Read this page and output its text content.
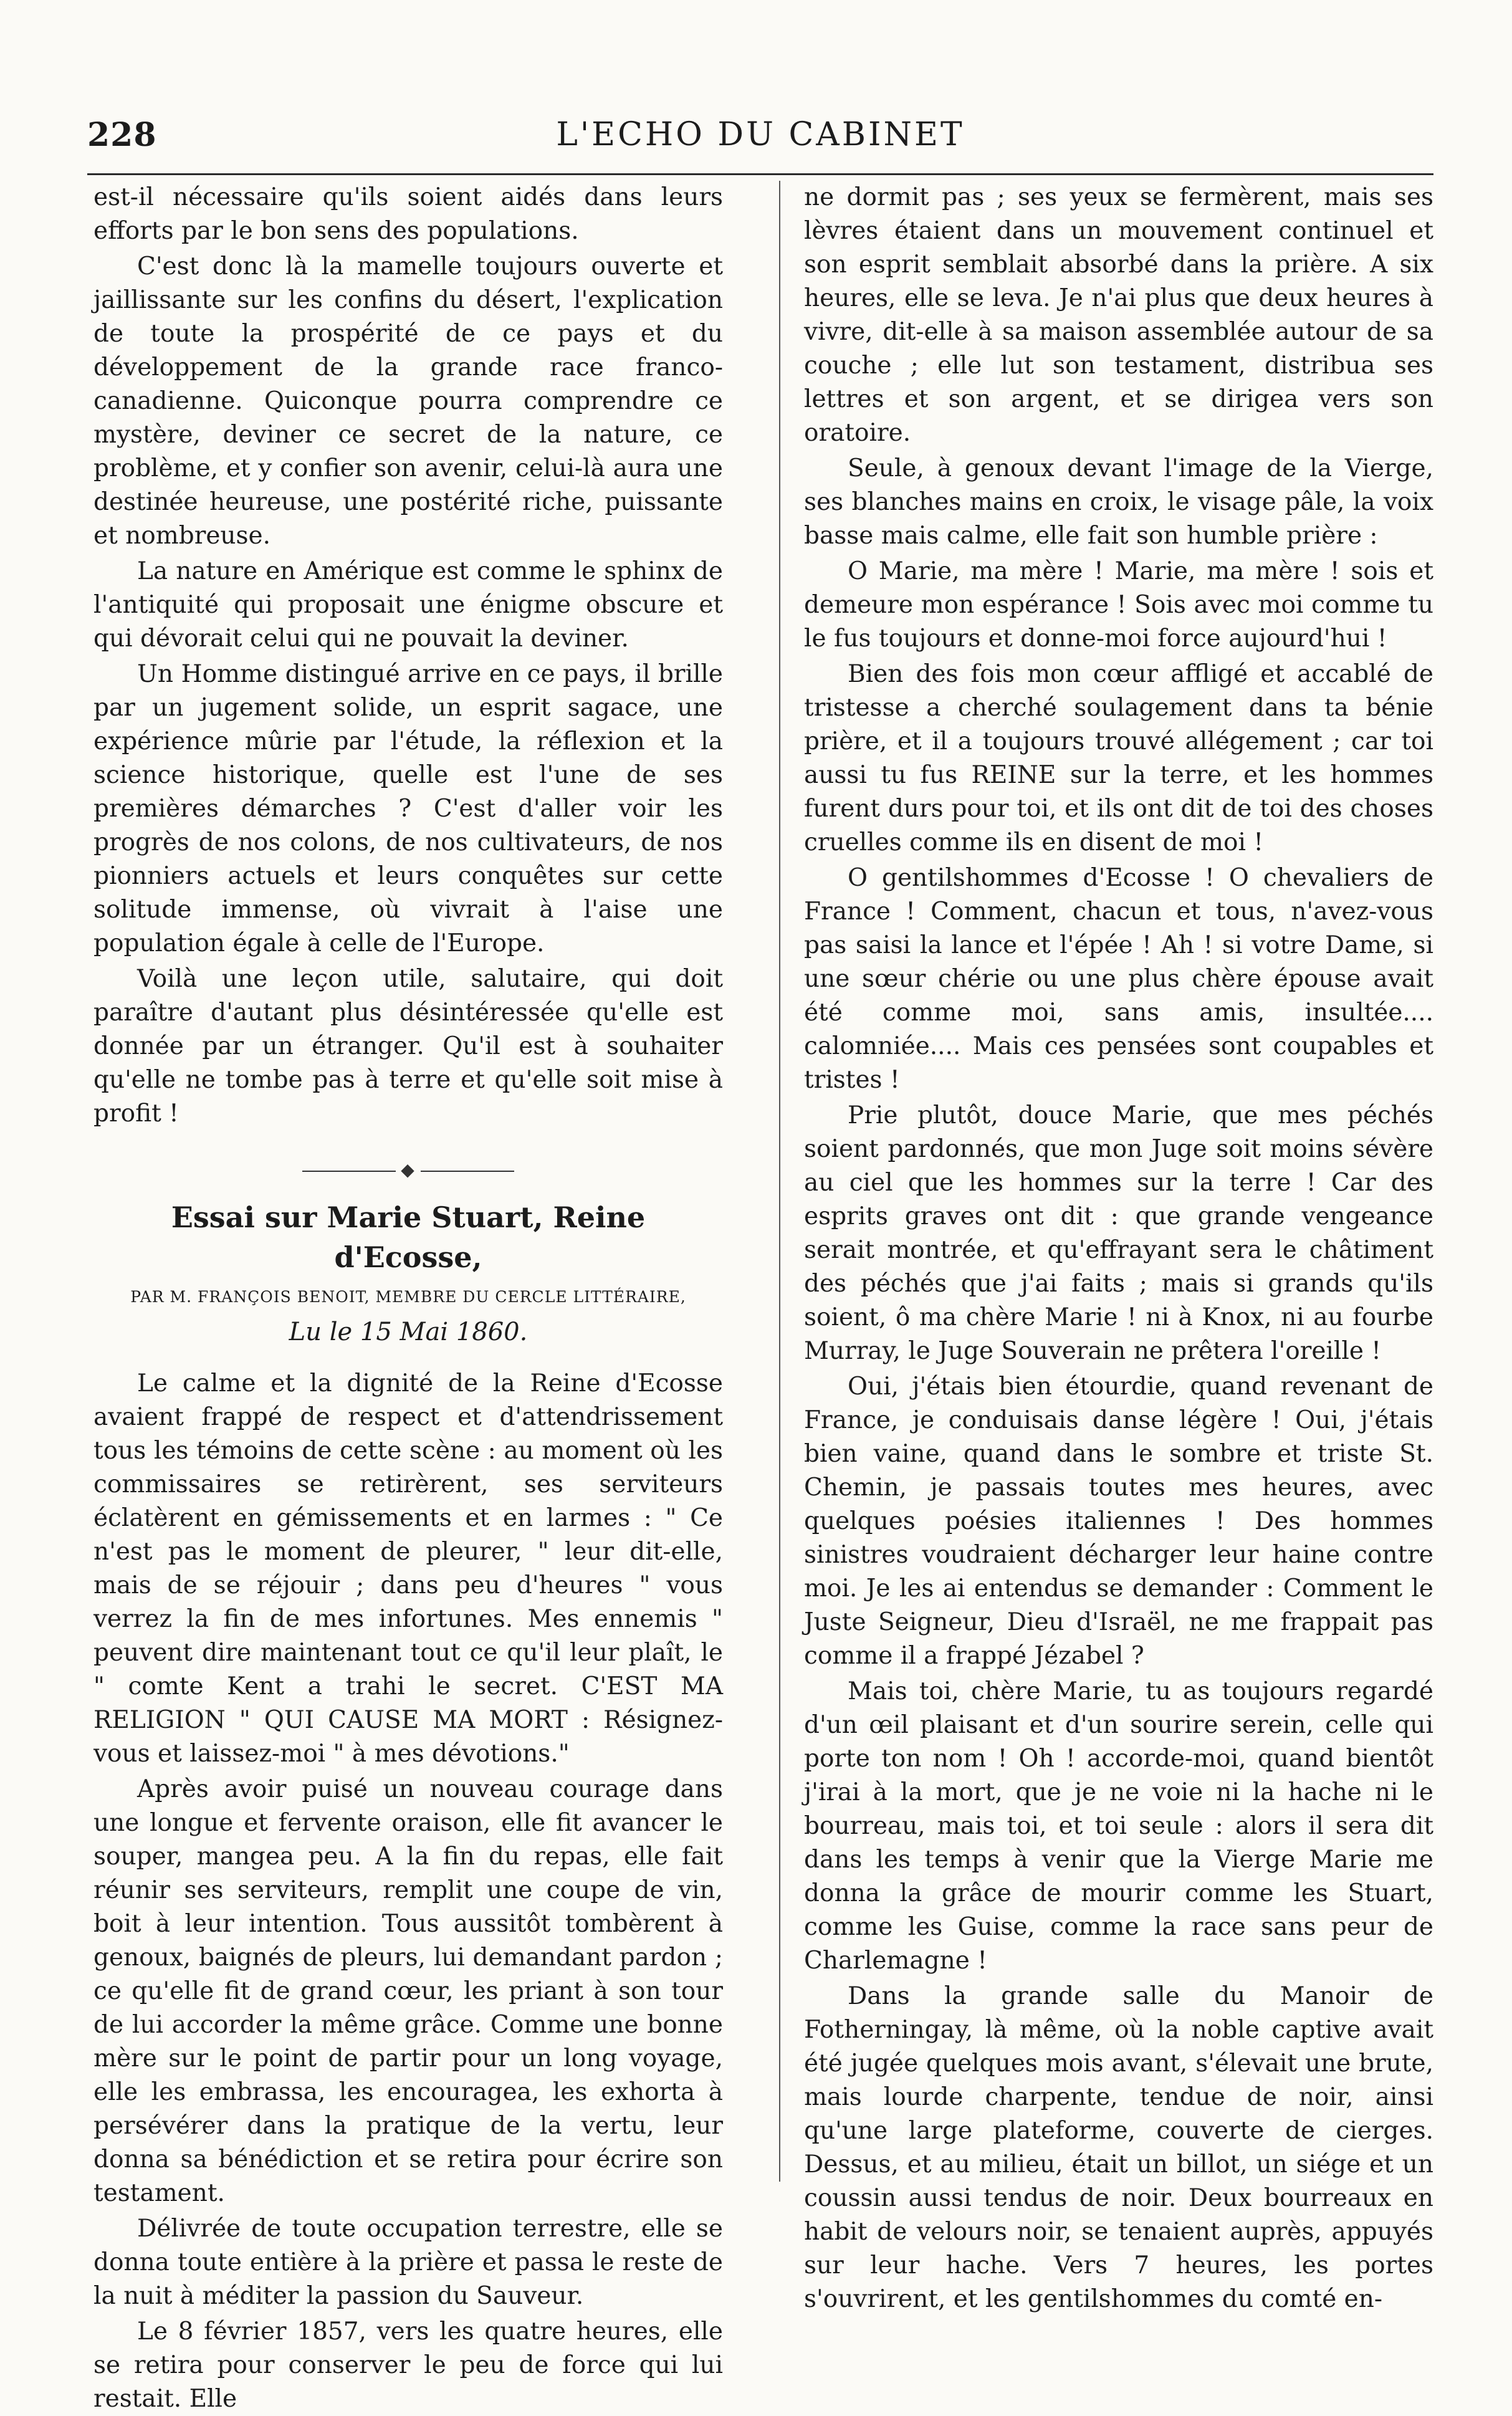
228	L'ECHO DU CABINET

est-il nécessaire qu'ils soient aidés dans leurs efforts par le bon sens des populations.

C'est donc là la mamelle toujours ouverte et jaillissante sur les confins du désert, l'explication de toute la prospérité de ce pays et du développement de la grande race franco-canadienne. Quiconque pourra comprendre ce mystère, deviner ce secret de la nature, ce problème, et y confier son avenir, celui-là aura une destinée heureuse, une postérité riche, puissante et nombreuse.

La nature en Amérique est comme le sphinx de l'antiquité qui proposait une énigme obscure et qui dévorait celui qui ne pouvait la deviner.

Un Homme distingué arrive en ce pays, il brille par un jugement solide, un esprit sagace, une expérience mûrie par l'étude, la réflexion et la science historique, quelle est l'une de ses premières démarches ? C'est d'aller voir les progrès de nos colons, de nos cultivateurs, de nos pionniers actuels et leurs conquêtes sur cette solitude immense, où vivrait à l'aise une population égale à celle de l'Europe.

Voilà une leçon utile, salutaire, qui doit paraître d'autant plus désintéressée qu'elle est donnée par un étranger. Qu'il est à souhaiter qu'elle ne tombe pas à terre et qu'elle soit mise à profit !

◆
Essai sur Marie Stuart, Reine d'Ecosse,
PAR M. FRANÇOIS BENOIT, MEMBRE DU CERCLE LITTÉRAIRE,
Lu le 15 Mai 1860.

Le calme et la dignité de la Reine d'Ecosse avaient frappé de respect et d'attendrissement tous les témoins de cette scène : au moment où les commissaires se retirèrent, ses serviteurs éclatèrent en gémissements et en larmes : " Ce n'est pas le moment de pleurer, " leur dit-elle, mais de se réjouir ; dans peu d'heures " vous verrez la fin de mes infortunes. Mes ennemis " peuvent dire maintenant tout ce qu'il leur plaît, le " comte Kent a trahi le secret. C'EST MA RELIGION " QUI CAUSE MA MORT : Résignez-vous et laissez-moi " à mes dévotions."

Après avoir puisé un nouveau courage dans une longue et fervente oraison, elle fit avancer le souper, mangea peu. A la fin du repas, elle fait réunir ses serviteurs, remplit une coupe de vin, boit à leur intention. Tous aussitôt tombèrent à genoux, baignés de pleurs, lui demandant pardon ; ce qu'elle fit de grand cœur, les priant à son tour de lui accorder la même grâce. Comme une bonne mère sur le point de partir pour un long voyage, elle les embrassa, les encouragea, les exhorta à persévérer dans la pratique de la vertu, leur donna sa bénédiction et se retira pour écrire son testament.

Délivrée de toute occupation terrestre, elle se donna toute entière à la prière et passa le reste de la nuit à méditer la passion du Sauveur.

Le 8 février 1857, vers les quatre heures, elle se retira pour conserver le peu de force qui lui restait. Elle

ne dormit pas ; ses yeux se fermèrent, mais ses lèvres étaient dans un mouvement continuel et son esprit semblait absorbé dans la prière. A six heures, elle se leva. Je n'ai plus que deux heures à vivre, dit-elle à sa maison assemblée autour de sa couche ; elle lut son testament, distribua ses lettres et son argent, et se dirigea vers son oratoire.

Seule, à genoux devant l'image de la Vierge, ses blanches mains en croix, le visage pâle, la voix basse mais calme, elle fait son humble prière :

O Marie, ma mère ! Marie, ma mère ! sois et demeure mon espérance ! Sois avec moi comme tu le fus toujours et donne-moi force aujourd'hui !

Bien des fois mon cœur affligé et accablé de tristesse a cherché soulagement dans ta bénie prière, et il a toujours trouvé allégement ; car toi aussi tu fus REINE sur la terre, et les hommes furent durs pour toi, et ils ont dit de toi des choses cruelles comme ils en disent de moi !

O gentilshommes d'Ecosse ! O chevaliers de France ! Comment, chacun et tous, n'avez-vous pas saisi la lance et l'épée ! Ah ! si votre Dame, si une sœur chérie ou une plus chère épouse avait été comme moi, sans amis, insultée.... calomniée.... Mais ces pensées sont coupables et tristes !

Prie plutôt, douce Marie, que mes péchés soient pardonnés, que mon Juge soit moins sévère au ciel que les hommes sur la terre ! Car des esprits graves ont dit : que grande vengeance serait montrée, et qu'effrayant sera le châtiment des péchés que j'ai faits ; mais si grands qu'ils soient, ô ma chère Marie ! ni à Knox, ni au fourbe Murray, le Juge Souverain ne prêtera l'oreille !

Oui, j'étais bien étourdie, quand revenant de France, je conduisais danse légère ! Oui, j'étais bien vaine, quand dans le sombre et triste St. Chemin, je passais toutes mes heures, avec quelques poésies italiennes ! Des hommes sinistres voudraient décharger leur haine contre moi. Je les ai entendus se demander : Comment le Juste Seigneur, Dieu d'Israël, ne me frappait pas comme il a frappé Jézabel ?

Mais toi, chère Marie, tu as toujours regardé d'un œil plaisant et d'un sourire serein, celle qui porte ton nom ! Oh ! accorde-moi, quand bientôt j'irai à la mort, que je ne voie ni la hache ni le bourreau, mais toi, et toi seule : alors il sera dit dans les temps à venir que la Vierge Marie me donna la grâce de mourir comme les Stuart, comme les Guise, comme la race sans peur de Charlemagne !

Dans la grande salle du Manoir de Fotherningay, là même, où la noble captive avait été jugée quelques mois avant, s'élevait une brute, mais lourde charpente, tendue de noir, ainsi qu'une large plateforme, couverte de cierges. Dessus, et au milieu, était un billot, un siége et un coussin aussi tendus de noir. Deux bourreaux en habit de velours noir, se tenaient auprès, appuyés sur leur hache. Vers 7 heures, les portes s'ouvrirent, et les gentilshommes du comté en-
